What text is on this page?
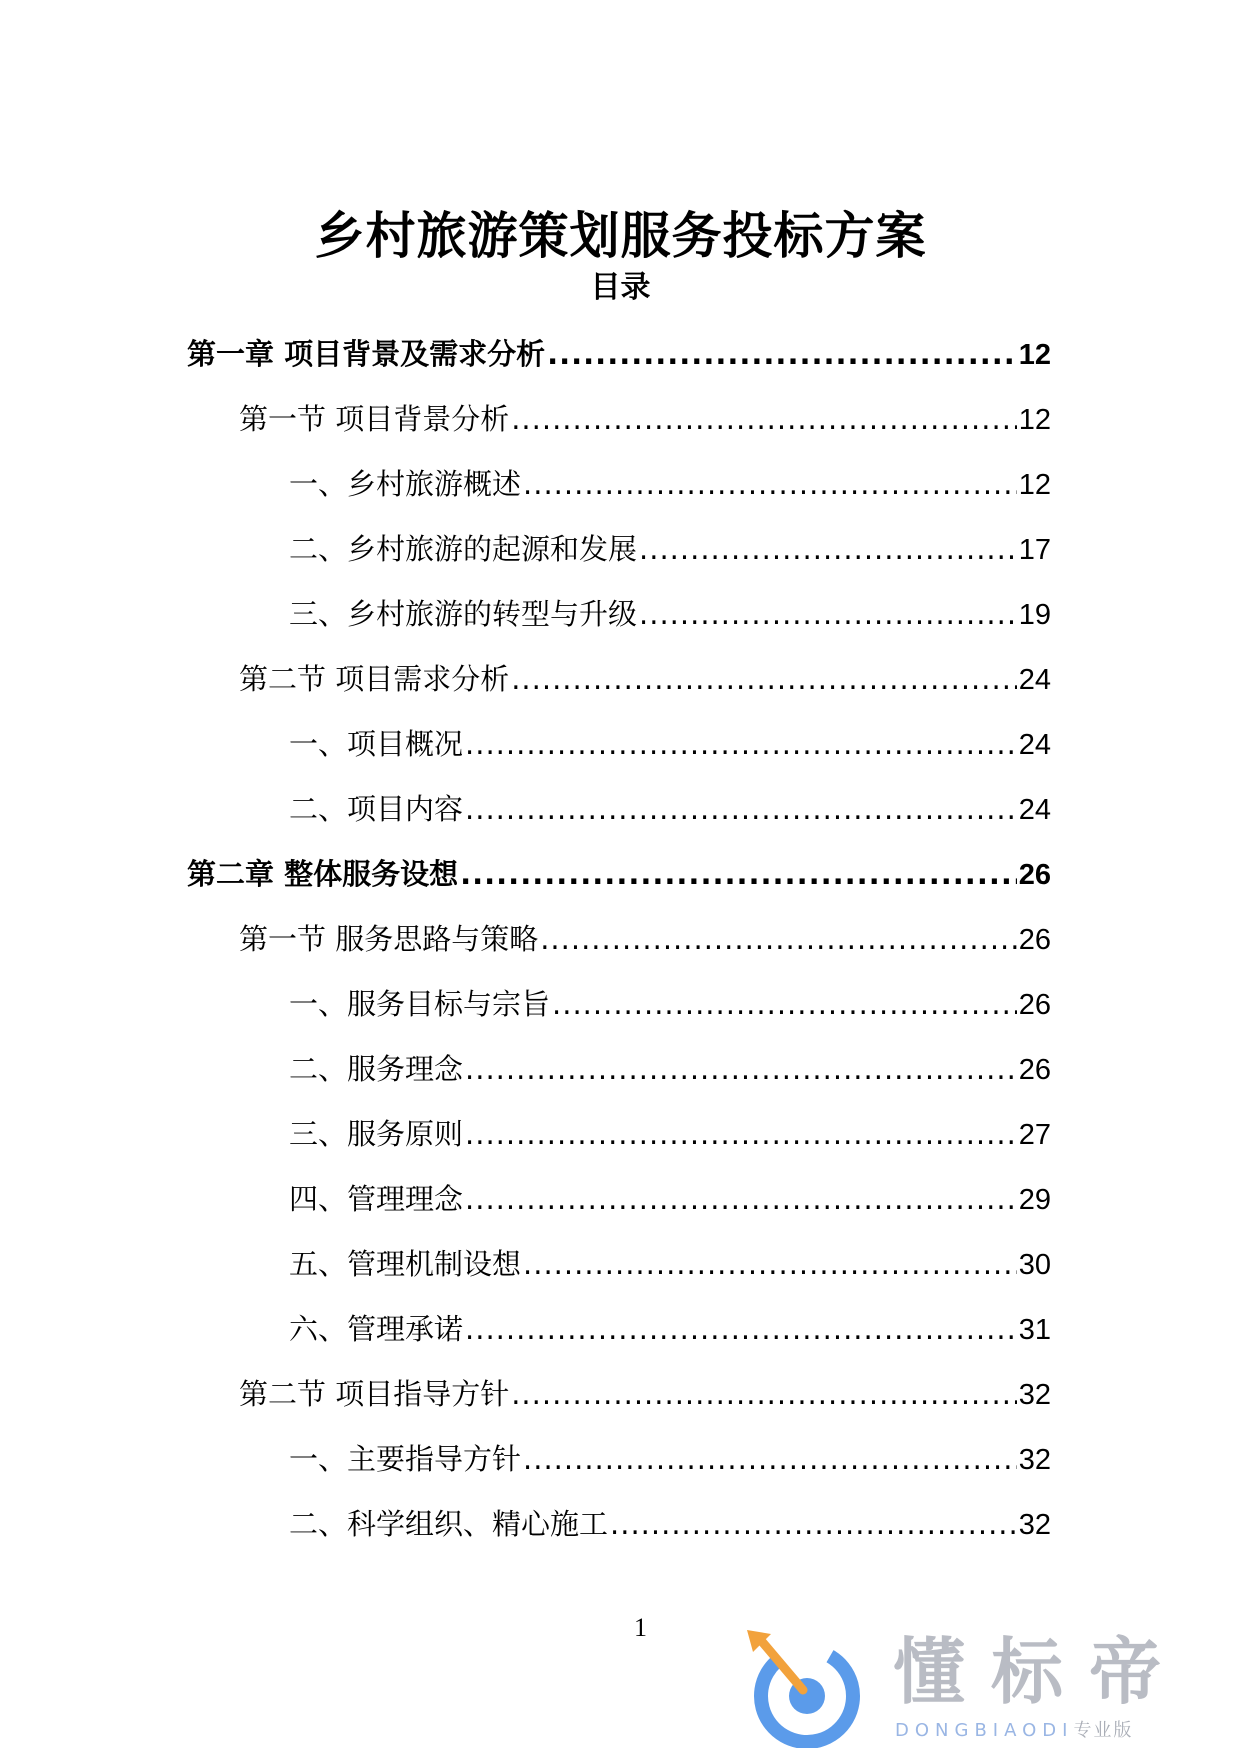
乡村旅游策划服务投标方案
目录
第一章 项目背景及需求分析 .....	12
第一节 项目背景分析 .....	12
一、乡村旅游概述 .....	12
二、乡村旅游的起源和发展 .....	17
三、乡村旅游的转型与升级 .....	19
第二节 项目需求分析 .....	24
一、项目概况 .....	24
二、项目内容 .....	24
第二章 整体服务设想 .....	26
第一节 服务思路与策略 .....	26
一、服务目标与宗旨 .....	26
二、服务理念 .....	26
三、服务原则 .....	27
四、管理理念 .....	29
五、管理机制设想 .....	30
六、管理承诺 .....	31
第二节 项目指导方针 .....	32
一、主要指导方针 .....	32
二、科学组织、精心施工 .....	32
1
懂标帝
DONGBIAODI专业版
